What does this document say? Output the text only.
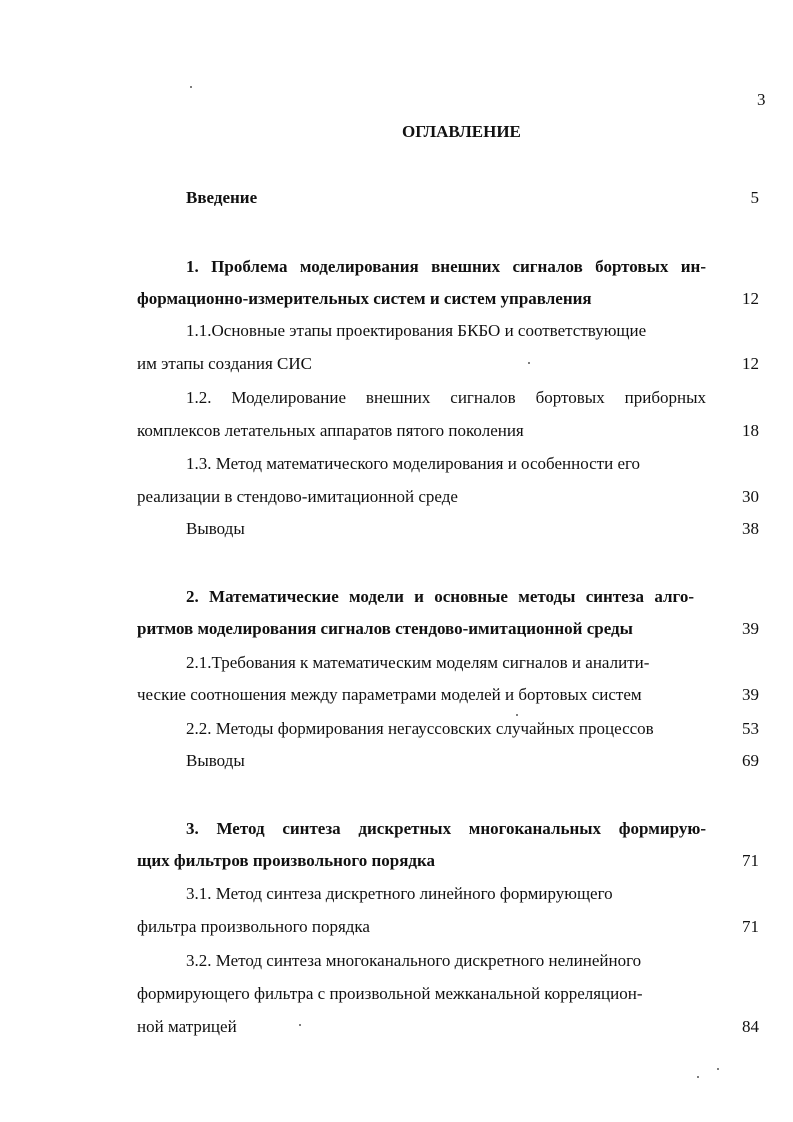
3
ОГЛАВЛЕНИЕ
Введение	5
1. Проблема моделирования внешних сигналов бортовых ин-
формационно-измерительных систем и систем управления	12
1.1.Основные этапы проектирования БКБО и соответствующие
им этапы создания СИС	12
1.2. Моделирование внешних сигналов бортовых приборных
комплексов летательных аппаратов пятого поколения	18
1.3. Метод математического моделирования и особенности его
реализации в стендово-имитационной среде	30
Выводы	38
2. Математические модели и основные методы синтеза алго-
ритмов моделирования сигналов стендово-имитационной среды	39
2.1.Требования к математическим моделям сигналов и аналити-
ческие соотношения между параметрами моделей и бортовых систем	39
2.2. Методы формирования негауссовских случайных процессов	53
Выводы	69
3. Метод синтеза дискретных многоканальных формирую-
щих фильтров произвольного порядка	71
3.1. Метод синтеза дискретного линейного формирующего
фильтра произвольного порядка	71
3.2. Метод синтеза многоканального дискретного нелинейного
формирующего фильтра с произвольной межканальной корреляцион-
ной матрицей	84
